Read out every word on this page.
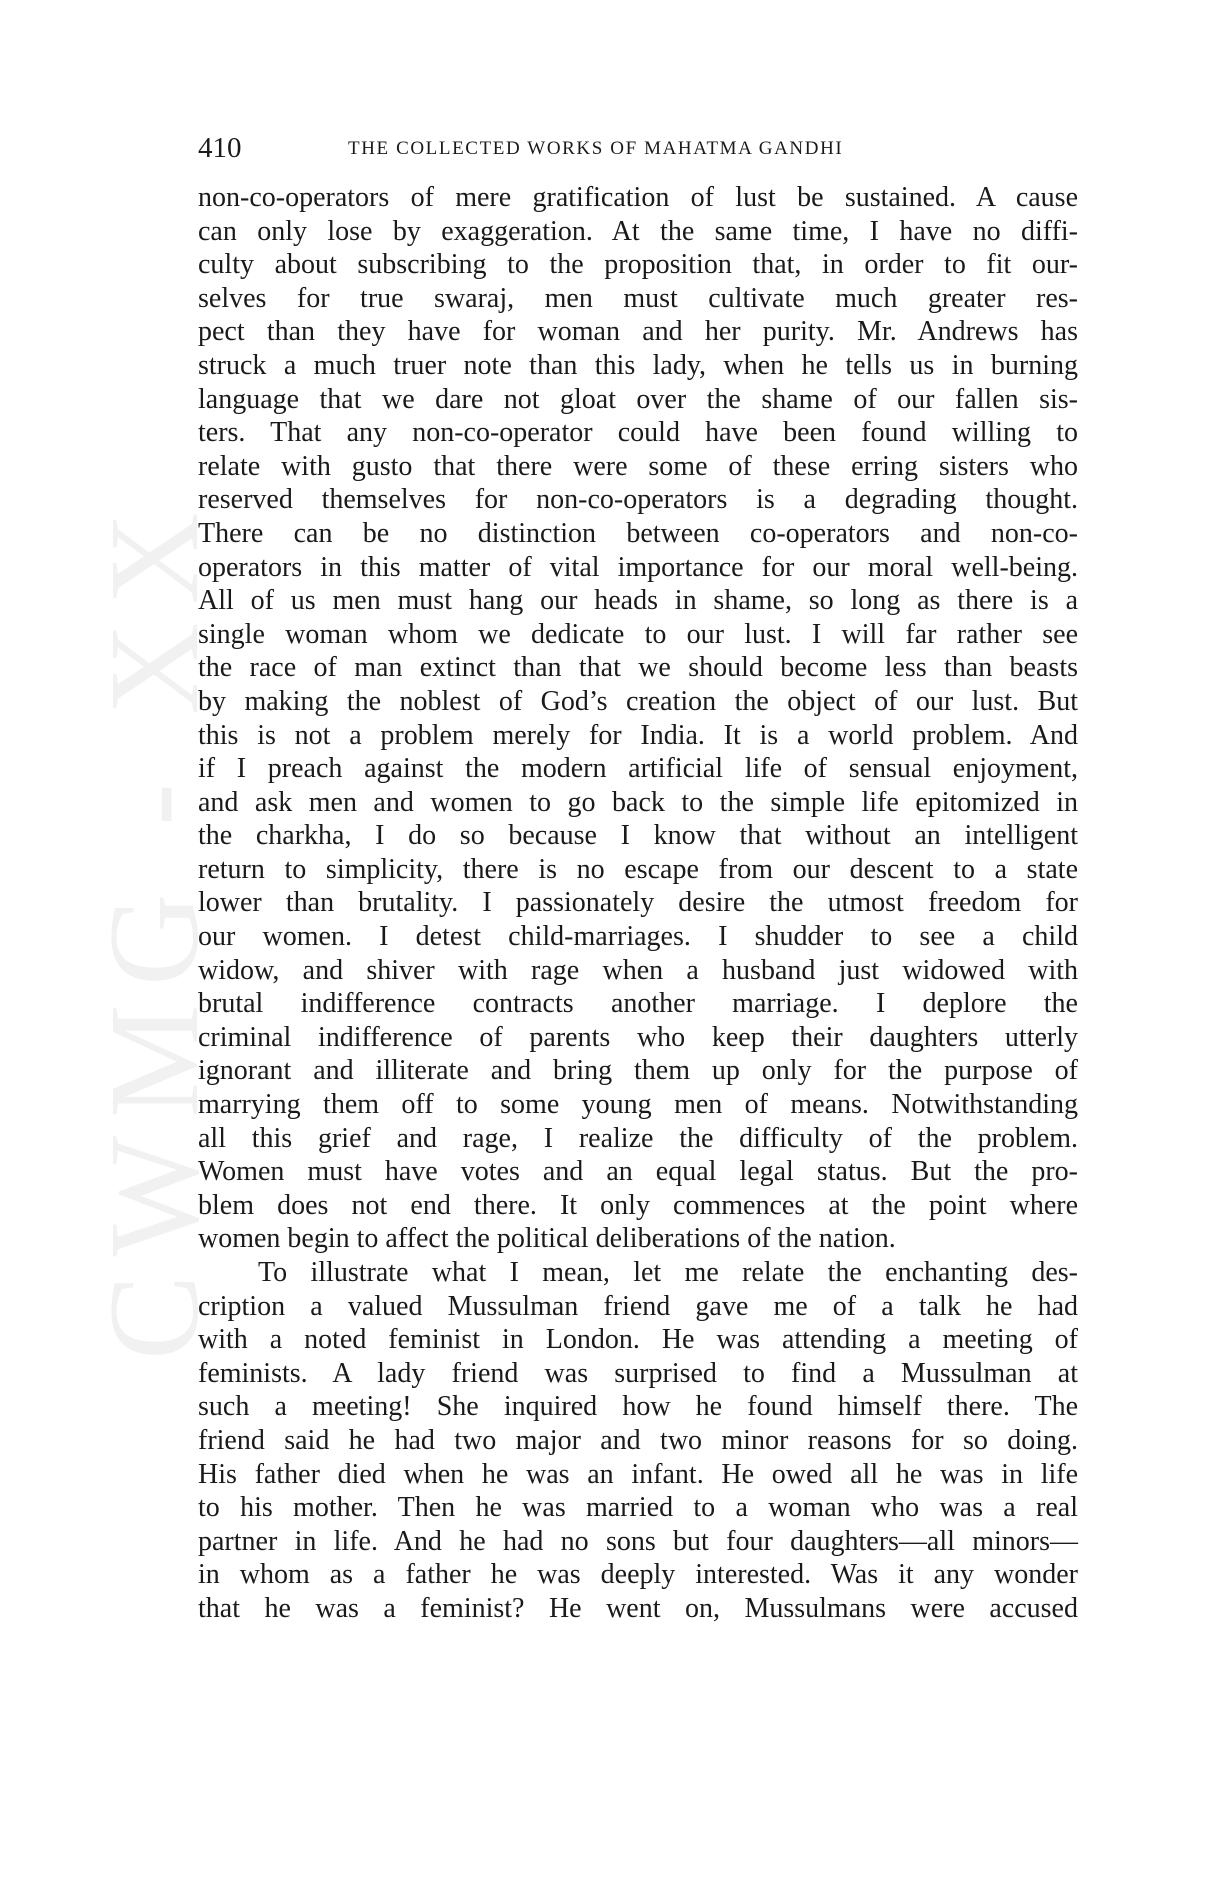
CWMG - XX
410	THE COLLECTED WORKS OF MAHATMA GANDHI
non-co-operators of mere gratification of lust be sustained. A cause
can only lose by exaggeration. At the same time, I have no diffi-
culty about subscribing to the proposition that, in order to fit our-
selves for true swaraj, men must cultivate much greater res-
pect than they have for woman and her purity. Mr. Andrews has
struck a much truer note than this lady, when he tells us in burning
language that we dare not gloat over the shame of our fallen sis-
ters. That any non-co-operator could have been found willing to
relate with gusto that there were some of these erring sisters who
reserved themselves for non-co-operators is a degrading thought.
There can be no distinction between co-operators and non-co-
operators in this matter of vital importance for our moral well-being.
All of us men must hang our heads in shame, so long as there is a
single woman whom we dedicate to our lust. I will far rather see
the race of man extinct than that we should become less than beasts
by making the noblest of God’s creation the object of our lust. But
this is not a problem merely for India. It is a world problem. And
if I preach against the modern artificial life of sensual enjoyment,
and ask men and women to go back to the simple life epitomized in
the charkha, I do so because I know that without an intelligent
return to simplicity, there is no escape from our descent to a state
lower than brutality. I passionately desire the utmost freedom for
our women. I detest child-marriages. I shudder to see a child
widow, and shiver with rage when a husband just widowed with
brutal indifference contracts another marriage. I deplore the
criminal indifference of parents who keep their daughters utterly
ignorant and illiterate and bring them up only for the purpose of
marrying them off to some young men of means. Notwithstanding
all this grief and rage, I realize the difficulty of the problem.
Women must have votes and an equal legal status. But the pro-
blem does not end there. It only commences at the point where
women begin to affect the political deliberations of the nation.
To illustrate what I mean, let me relate the enchanting des-
cription a valued Mussulman friend gave me of a talk he had
with a noted feminist in London. He was attending a meeting of
feminists. A lady friend was surprised to find a Mussulman at
such a meeting! She inquired how he found himself there. The
friend said he had two major and two minor reasons for so doing.
His father died when he was an infant. He owed all he was in life
to his mother. Then he was married to a woman who was a real
partner in life. And he had no sons but four daughters—all minors—
in whom as a father he was deeply interested. Was it any wonder
that he was a feminist? He went on, Mussulmans were accused
